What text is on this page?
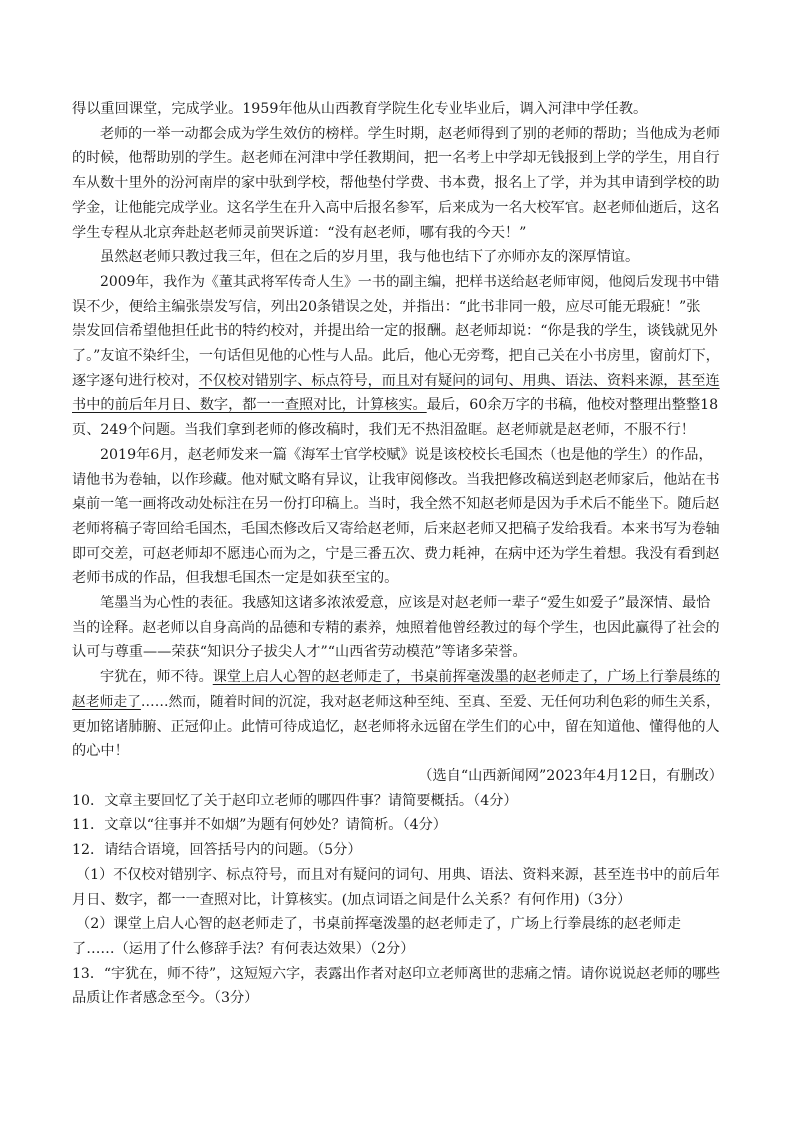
得以重回课堂，完成学业。1959年他从山西教育学院生化专业毕业后，调入河津中学任教。
老师的一举一动都会成为学生效仿的榜样。学生时期，赵老师得到了别的老师的帮助；当他成为老师
的时候，他帮助别的学生。赵老师在河津中学任教期间，把一名考上中学却无钱报到上学的学生，用自行
车从数十里外的汾河南岸的家中驮到学校，帮他垫付学费、书本费，报名上了学，并为其申请到学校的助
学金，让他能完成学业。这名学生在升入高中后报名参军，后来成为一名大校军官。赵老师仙逝后，这名
学生专程从北京奔赴赵老师灵前哭诉道：“没有赵老师，哪有我的今天！”
虽然赵老师只教过我三年，但在之后的岁月里，我与他也结下了亦师亦友的深厚情谊。
2009年，我作为《董其武将军传奇人生》一书的副主编，把样书送给赵老师审阅，他阅后发现书中错
误不少，便给主编张崇发写信，列出20条错误之处，并指出：“此书非同一般，应尽可能无瑕疵！”张
崇发回信希望他担任此书的特约校对，并提出给一定的报酬。赵老师却说：“你是我的学生，谈钱就见外
了。”友谊不染纤尘，一句话但见他的心性与人品。此后，他心无旁骛，把自己关在小书房里，窗前灯下，
逐字逐句进行校对，不仅校对错别字、标点符号，而且对有疑问的词句、用典、语法、资料来源，甚至连
书中的前后年月日、数字，都一一查照对比，计算核实。最后，60余万字的书稿，他校对整理出整整18
页、249个问题。当我们拿到老师的修改稿时，我们无不热泪盈眶。赵老师就是赵老师，不服不行！
2019年6月，赵老师发来一篇《海军士官学校赋》说是该校校长毛国杰（也是他的学生）的作品，
请他书为卷轴，以作珍藏。他对赋文略有异议，让我审阅修改。当我把修改稿送到赵老师家后，他站在书
桌前一笔一画将改动处标注在另一份打印稿上。当时，我全然不知赵老师是因为手术后不能坐下。随后赵
老师将稿子寄回给毛国杰，毛国杰修改后又寄给赵老师，后来赵老师又把稿子发给我看。本来书写为卷轴
即可交差，可赵老师却不愿违心而为之，宁是三番五次、费力耗神，在病中还为学生着想。我没有看到赵
老师书成的作品，但我想毛国杰一定是如获至宝的。
笔墨当为心性的表征。我感知这诸多浓浓爱意，应该是对赵老师一辈子“爱生如爱子”最深情、最恰
当的诠释。赵老师以自身高尚的品德和专精的素养，烛照着他曾经教过的每个学生，也因此赢得了社会的
认可与尊重——荣获“知识分子拔尖人才”“山西省劳动模范”等诸多荣誉。
宇犹在，师不待。课堂上启人心智的赵老师走了，书桌前挥毫泼墨的赵老师走了，广场上行拳晨练的
赵老师走了……然而，随着时间的沉淀，我对赵老师这种至纯、至真、至爱、无任何功利色彩的师生关系，
更加铭诸肺腑、正冠仰止。此情可待成追忆，赵老师将永远留在学生们的心中，留在知道他、懂得他的人
的心中！
（选自“山西新闻网”2023年4月12日，有删改）
10．文章主要回忆了关于赵印立老师的哪四件事？请简要概括。（4分）
11．文章以“往事并不如烟”为题有何妙处？请简析。（4分）
12．请结合语境，回答括号内的问题。（5分）
（1）不仅校对错别字、标点符号，而且对有疑问的词句、用典、语法、资料来源，甚至连书中的前后年
月日、数字，都一一查照对比，计算核实。(加点词语之间是什么关系？有何作用)（3分）
（2）课堂上启人心智的赵老师走了，书桌前挥毫泼墨的赵老师走了，广场上行拳晨练的赵老师走
了……（运用了什么修辞手法？有何表达效果）（2分）
13．“宇犹在，师不待”，这短短六字，表露出作者对赵印立老师离世的悲痛之情。请你说说赵老师的哪些
品质让作者感念至今。（3分）
